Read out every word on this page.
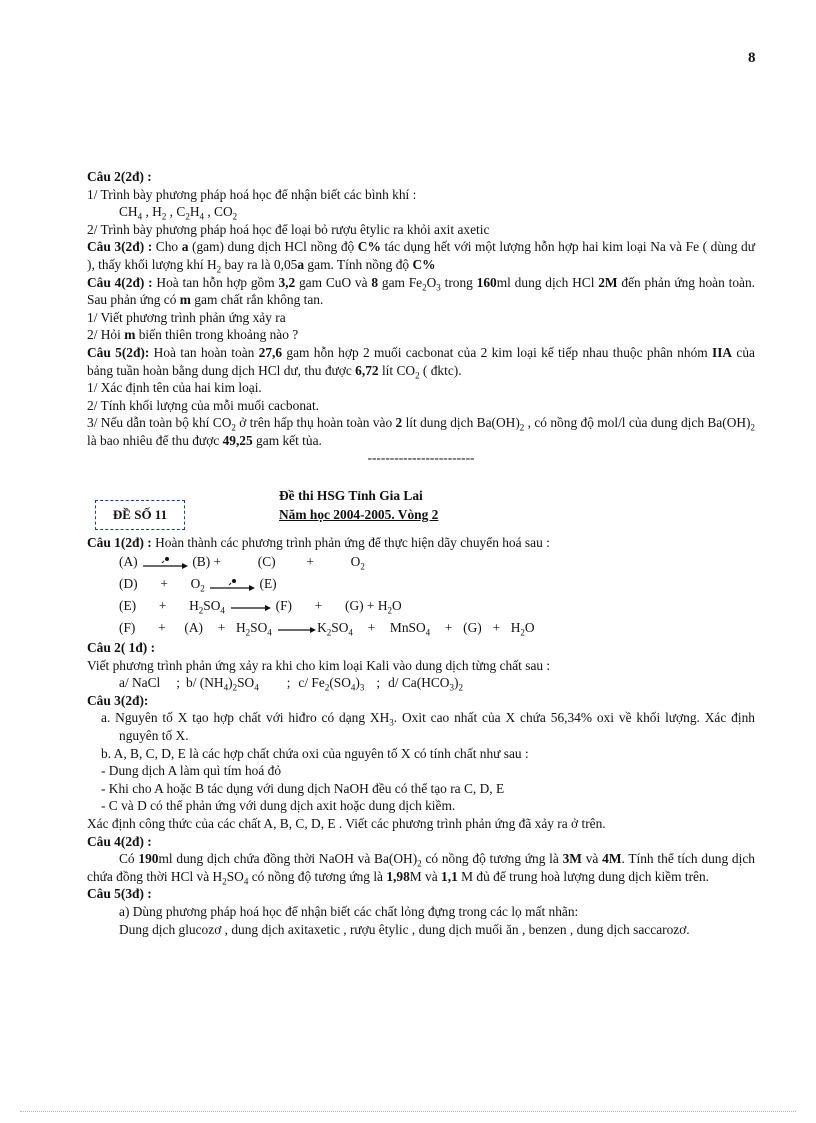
8

Câu 2(2đ) :

1/ Trình bày phương pháp hoá học để nhận biết các bình khí :

$CH_4$ , $H_2$ , $C_2H_4$ , $CO_2$

2/ Trình bày phương pháp hoá học để loại bỏ rượu êtylic ra khỏi axit axetic

Câu 3(2đ) : Cho a (gam) dung dịch HCl nồng độ C% tác dụng hết với một lượng hỗn hợp hai kim loại Na và Fe ( dùng dư ), thấy khối lượng khí $H_2$ bay ra là 0,05a gam. Tính nồng độ C%

Câu 4(2đ) : Hoà tan hỗn hợp gồm 3,2 gam CuO và 8 gam $Fe_2O_3$ trong 160ml dung dịch HCl 2M đến phản ứng hoàn toàn. Sau phản ứng có m gam chất rắn không tan.

1/ Viết phương trình phản ứng xảy ra

2/ Hỏi m biến thiên trong khoảng nào ?

Câu 5(2đ): Hoà tan hoàn toàn 27,6 gam hỗn hợp 2 muối cacbonat của 2 kim loại kế tiếp nhau thuộc phân nhóm IIA của bảng tuần hoàn bằng dung dịch HCl dư, thu được 6,72 lít $CO_2$ ( đktc).

1/ Xác định tên của hai kim loại.

2/ Tính khối lượng của mỗi muối cacbonat.

3/ Nếu dẫn toàn bộ khí $CO_2$ ở trên hấp thụ hoàn toàn vào 2 lít dung dịch $Ba(OH)_2$ , có nồng độ mol/l của dung dịch $Ba(OH)_2$ là bao nhiêu để thu được 49,25 gam kết tủa.

------------------------

ĐỀ SỐ 11
Đề thi HSG Tỉnh Gia Lai
Năm học 2004-2005. Vòng 2

Câu 1(2đ) : Hoàn thành các phương trình phản ứng để thực hiện dãy chuyển hoá sau :

(A)	(B) +	(C) +	$O_2$
$(D) + O_2$	(E)
$(E) + H_2SO_4$	$(F) + (G) + H_2O$
$(F) + (A) + H_2SO_4$	$K_2SO_4$ + MnSO$_4$ + $(G) + H_2O$

Câu 2( 1đ) :

Viết phương trình phản ứng xảy ra khi cho kim loại Kali vào dung dịch từng chất sau :

a/ NaCl ; b/ $(NH_4)_2SO_4$ ; c/ $Fe_2(SO_4)_3$ ; d/ $Ca(HCO_3)_2$

Câu 3(2đ):

a. Nguyên tố X tạo hợp chất với hiđro có dạng $XH_3$. Oxit cao nhất của X chứa 56,34% oxi về khối lượng. Xác định nguyên tố X.

b. A, B, C, D, E là các hợp chất chứa oxi của nguyên tố X có tính chất như sau :

- Dung dịch A làm quì tím hoá đỏ

- Khi cho A hoặc B tác dụng với dung dịch NaOH đều có thể tạo ra C, D, E

- C và D có thể phản ứng với dung dịch axit hoặc dung dịch kiềm.

Xác định công thức của các chất A, B, C, D, E . Viết các phương trình phản ứng đã xảy ra ở trên.

Câu 4(2đ) :

Có 190ml dung dịch chứa đồng thời NaOH và $Ba(OH)_2$ có nồng độ tương ứng là 3M và 4M. Tính thể tích dung dịch chứa đồng thời HCl và $H_2SO_4$ có nồng độ tương ứng là 1,98M và 1,1 M đủ để trung hoà lượng dung dịch kiềm trên.

Câu 5(3đ) :

a) Dùng phương pháp hoá học để nhận biết các chất lỏng đựng trong các lọ mất nhãn:

Dung dịch glucozơ , dung dịch axitaxetic , rượu êtylic , dung dịch muối ăn , benzen , dung dịch saccarozơ.
